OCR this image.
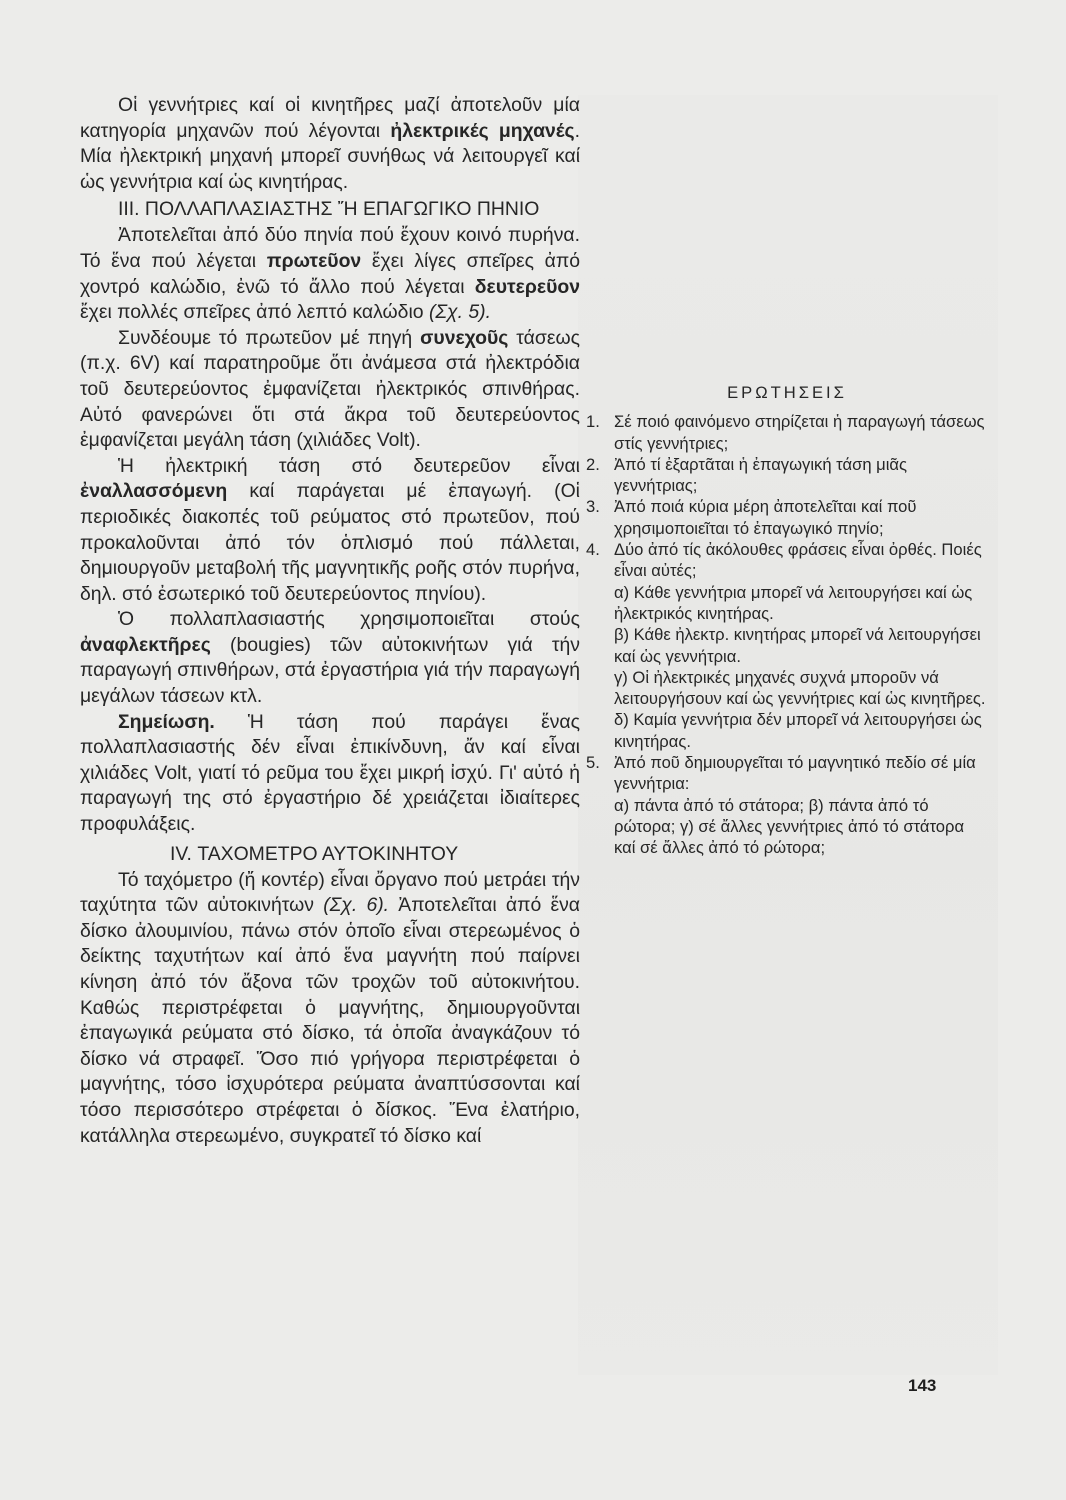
Οἱ γεννήτριες καί οἱ κινητῆρες μαζί ἀποτελοῦν μία κατηγορία μηχανῶν πού λέγονται ἠλεκτρικές μηχανές. Μία ἠλεκτρική μηχανή μπορεῖ συνήθως νά λειτουργεῖ καί ὡς γεννήτρια καί ὡς κινητήρας.

III. ΠΟΛΛΑΠΛΑΣΙΑΣΤΗΣ Ἤ ΕΠΑΓΩΓΙΚΟ ΠΗΝΙΟ

Ἀποτελεῖται ἀπό δύο πηνία πού ἔχουν κοινό πυρήνα. Τό ἕνα πού λέγεται πρωτεῦον ἔχει λίγες σπεῖρες ἀπό χοντρό καλώδιο, ἐνῶ τό ἄλλο πού λέγεται δευτερεῦον ἔχει πολλές σπεῖρες ἀπό λεπτό καλώδιο (Σχ. 5).

Συνδέουμε τό πρωτεῦον μέ πηγή συνεχοῦς τάσεως (π.χ. 6V) καί παρατηροῦμε ὅτι ἀνάμεσα στά ἠλεκτρόδια τοῦ δευτερεύοντος ἐμφανίζεται ἠλεκτρικός σπινθήρας. Αὐτό φανερώνει ὅτι στά ἄκρα τοῦ δευτερεύοντος ἐμφανίζεται μεγάλη τάση (χιλιάδες Volt).

Ἡ ἠλεκτρική τάση στό δευτερεῦον εἶναι ἐναλλασσόμενη καί παράγεται μέ ἐπαγωγή. (Οἱ περιοδικές διακοπές τοῦ ρεύματος στό πρωτεῦον, πού προκαλοῦνται ἀπό τόν ὁπλισμό πού πάλλεται, δημιουργοῦν μεταβολή τῆς μαγνητικῆς ροῆς στόν πυρήνα, δηλ. στό ἐσωτερικό τοῦ δευτερεύοντος πηνίου).

Ὁ πολλαπλασιαστής χρησιμοποιεῖται στούς ἀναφλεκτῆρες (bougies) τῶν αὐτοκινήτων γιά τήν παραγωγή σπινθήρων, στά ἐργαστήρια γιά τήν παραγωγή μεγάλων τάσεων κτλ.

Σημείωση. Ἡ τάση πού παράγει ἕνας πολλαπλασιαστής δέν εἶναι ἐπικίνδυνη, ἄν καί εἶναι χιλιάδες Volt, γιατί τό ρεῦμα του ἔχει μικρή ἰσχύ. Γι' αὐτό ἡ παραγωγή της στό ἐργαστήριο δέ χρειάζεται ἰδιαίτερες προφυλάξεις.

IV. ΤΑΧΟΜΕΤΡΟ ΑΥΤΟΚΙΝΗΤΟΥ

Τό ταχόμετρο (ἤ κοντέρ) εἶναι ὄργανο πού μετράει τήν ταχύτητα τῶν αὐτοκινήτων (Σχ. 6). Ἀποτελεῖται ἀπό ἕνα δίσκο ἀλουμινίου, πάνω στόν ὁποῖο εἶναι στερεωμένος ὁ δείκτης ταχυτήτων καί ἀπό ἕνα μαγνήτη πού παίρνει κίνηση ἀπό τόν ἄξονα τῶν τροχῶν τοῦ αὐτοκινήτου. Καθώς περιστρέφεται ὁ μαγνήτης, δημιουργοῦνται ἐπαγωγικά ρεύματα στό δίσκο, τά ὁποῖα ἀναγκάζουν τό δίσκο νά στραφεῖ. Ὅσο πιό γρήγορα περιστρέφεται ὁ μαγνήτης, τόσο ἰσχυρότερα ρεύματα ἀναπτύσσονται καί τόσο περισσότερο στρέφεται ὁ δίσκος. Ἕνα ἐλατήριο, κατάλληλα στερεωμένο, συγκρατεῖ τό δίσκο καί

ΕΡΩΤΗΣΕΙΣ
1. Σέ ποιό φαινόμενο στηρίζεται ἡ παραγωγή τάσεως στίς γεννήτριες;
2. Ἀπό τί ἐξαρτᾶται ἡ ἐπαγωγική τάση μιᾶς γεννήτριας;
3. Ἀπό ποιά κύρια μέρη ἀποτελεῖται καί ποῦ χρησιμοποιεῖται τό ἐπαγωγικό πηνίο;
4. Δύο ἀπό τίς ἀκόλουθες φράσεις εἶναι ὀρθές. Ποιές εἶναι αὐτές;
α) Κάθε γεννήτρια μπορεῖ νά λειτουργήσει καί ὡς ἠλεκτρικός κινητήρας.
β) Κάθε ἠλεκτρ. κινητήρας μπορεῖ νά λειτουργήσει καί ὡς γεννήτρια.
γ) Οἱ ἠλεκτρικές μηχανές συχνά μποροῦν νά λειτουργήσουν καί ὡς γεννήτριες καί ὡς κινητῆρες.
δ) Καμία γεννήτρια δέν μπορεῖ νά λειτουργήσει ὡς κινητήρας.
5. Ἀπό ποῦ δημιουργεῖται τό μαγνητικό πεδίο σέ μία γεννήτρια:
α) πάντα ἀπό τό στάτορα; β) πάντα ἀπό τό ρώτορα; γ) σέ ἄλλες γεννήτριες ἀπό τό στάτορα καί σέ ἄλλες ἀπό τό ρώτορα;
143
